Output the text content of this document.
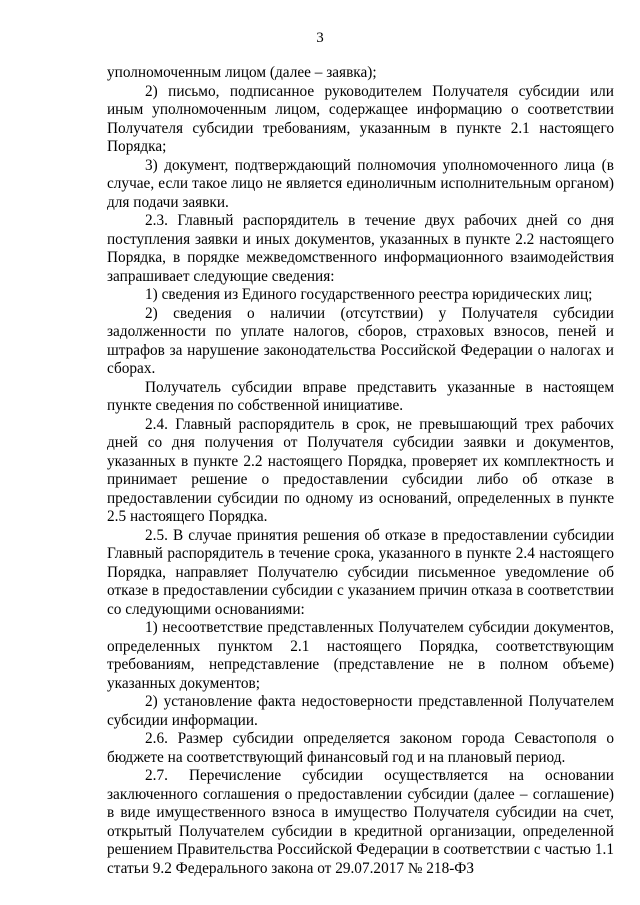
3

уполномоченным лицом (далее – заявка);

2) письмо, подписанное руководителем Получателя субсидии или иным уполномоченным лицом, содержащее информацию о соответствии Получателя субсидии требованиям, указанным в пункте 2.1 настоящего Порядка;

3) документ, подтверждающий полномочия уполномоченного лица (в случае, если такое лицо не является единоличным исполнительным органом) для подачи заявки.

2.3. Главный распорядитель в течение двух рабочих дней со дня поступления заявки и иных документов, указанных в пункте 2.2 настоящего Порядка, в порядке межведомственного информационного взаимодействия запрашивает следующие сведения:

1) сведения из Единого государственного реестра юридических лиц;

2) сведения о наличии (отсутствии) у Получателя субсидии задолженности по уплате налогов, сборов, страховых взносов, пеней и штрафов за нарушение законодательства Российской Федерации о налогах и сборах.

Получатель субсидии вправе представить указанные в настоящем пункте сведения по собственной инициативе.

2.4. Главный распорядитель в срок, не превышающий трех рабочих дней со дня получения от Получателя субсидии заявки и документов, указанных в пункте 2.2 настоящего Порядка, проверяет их комплектность и принимает решение о предоставлении субсидии либо об отказе в предоставлении субсидии по одному из оснований, определенных в пункте 2.5 настоящего Порядка.

2.5. В случае принятия решения об отказе в предоставлении субсидии Главный распорядитель в течение срока, указанного в пункте 2.4 настоящего Порядка, направляет Получателю субсидии письменное уведомление об отказе в предоставлении субсидии с указанием причин отказа в соответствии со следующими основаниями:

1) несоответствие представленных Получателем субсидии документов, определенных пунктом 2.1 настоящего Порядка, соответствующим требованиям, непредставление (представление не в полном объеме) указанных документов;

2) установление факта недостоверности представленной Получателем субсидии информации.

2.6. Размер субсидии определяется законом города Севастополя о бюджете на соответствующий финансовый год и на плановый период.

2.7. Перечисление субсидии осуществляется на основании заключенного соглашения о предоставлении субсидии (далее – соглашение) в виде имущественного взноса в имущество Получателя субсидии на счет, открытый Получателем субсидии в кредитной организации, определенной решением Правительства Российской Федерации в соответствии с частью 1.1 статьи 9.2 Федерального закона от 29.07.2017 № 218-ФЗ
